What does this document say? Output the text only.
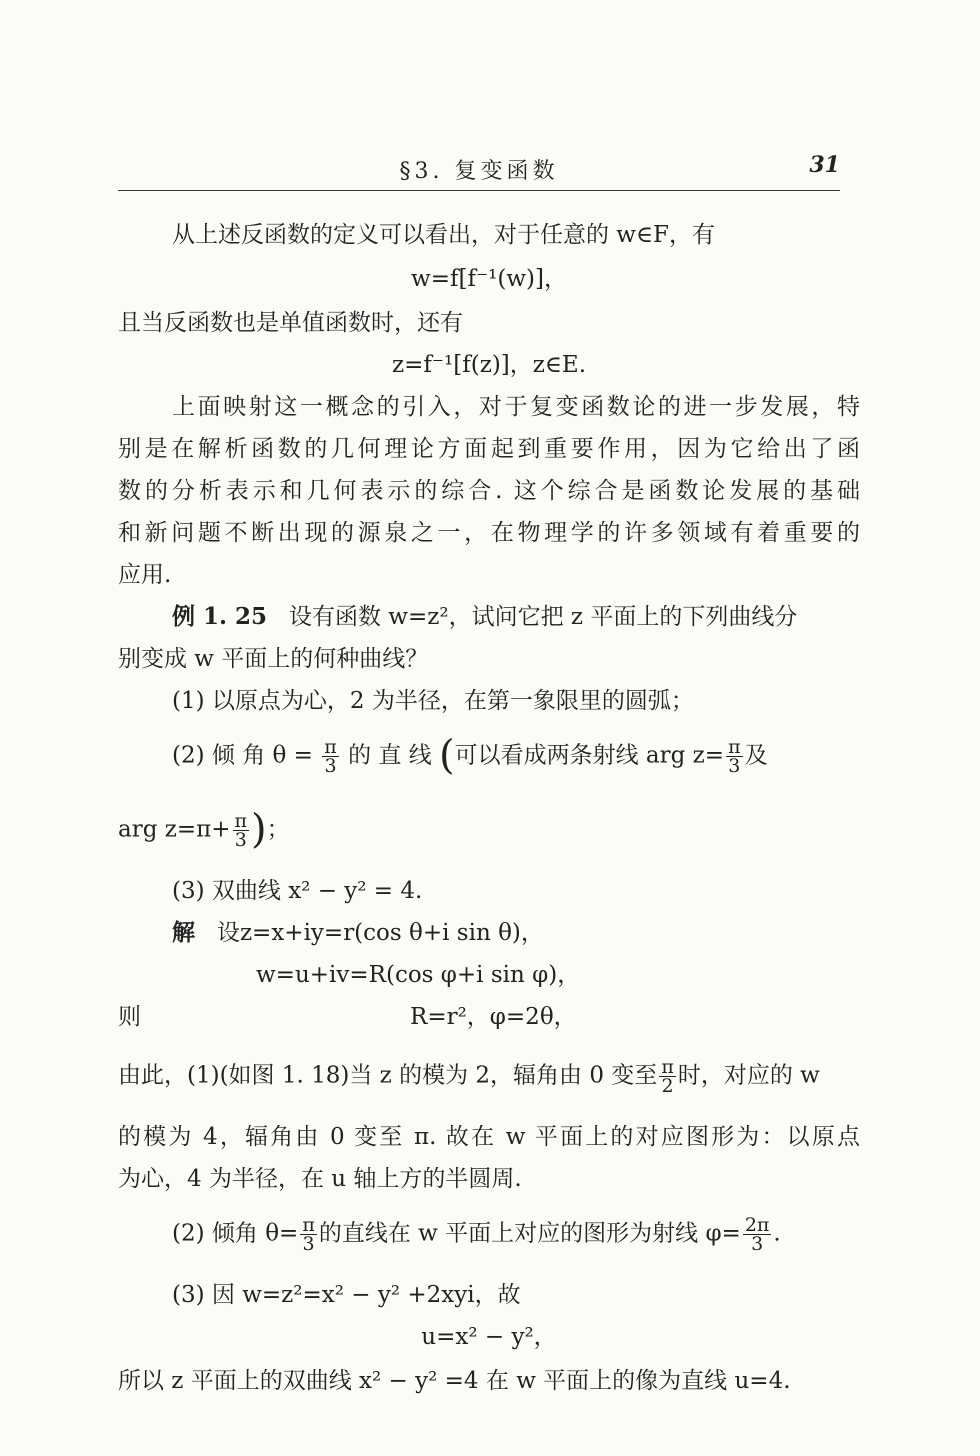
§3. 复变函数	31
从上述反函数的定义可以看出，对于任意的 w∈F，有
w=f[f⁻¹(w)]，
且当反函数也是单值函数时，还有
z=f⁻¹[f(z)]，z∈E.
上面映射这一概念的引入，对于复变函数论的进一步发展，特
别是在解析函数的几何理论方面起到重要作用，因为它给出了函
数的分析表示和几何表示的综合. 这个综合是函数论发展的基础
和新问题不断出现的源泉之一，在物理学的许多领域有着重要的
应用.
例 1. 25 设有函数 w=z²，试问它把 z 平面上的下列曲线分
别变成 w 平面上的何种曲线？
(1) 以原点为心，2 为半径，在第一象限里的圆弧；
(2) 倾 角 $\theta = \frac{\pi}{3}$ 的 直 线 (可以看成两条射线 arg $z= \frac{\pi}{3}$ 及
arg $z=\pi+ \frac{\pi}{3}$ )；
(3) 双曲线 x² − y² = 4.
解 设z=x+iy=r(cos θ+i sin θ)，
w=u+iv=R(cos φ+i sin φ)，
则	R=r²，φ=2θ，
由此，(1)(如图 1. 18)当 z 的模为 2，辐角由 0 变至 $\frac{\pi}{2}$ 时，对应的 w
的模为 4，辐角由 0 变至 π. 故在 w 平面上的对应图形为：以原点
为心，4 为半径，在 u 轴上方的半圆周.
(2) 倾角 $\theta= \frac{\pi}{3}$ 的直线在 w 平面上对应的图形为射线 $\varphi= \frac{2\pi}{3}$ .
(3) 因 w=z²=x² − y² +2xyi，故
u=x² − y²，
所以 z 平面上的双曲线 x² − y² =4 在 w 平面上的像为直线 u=4.
